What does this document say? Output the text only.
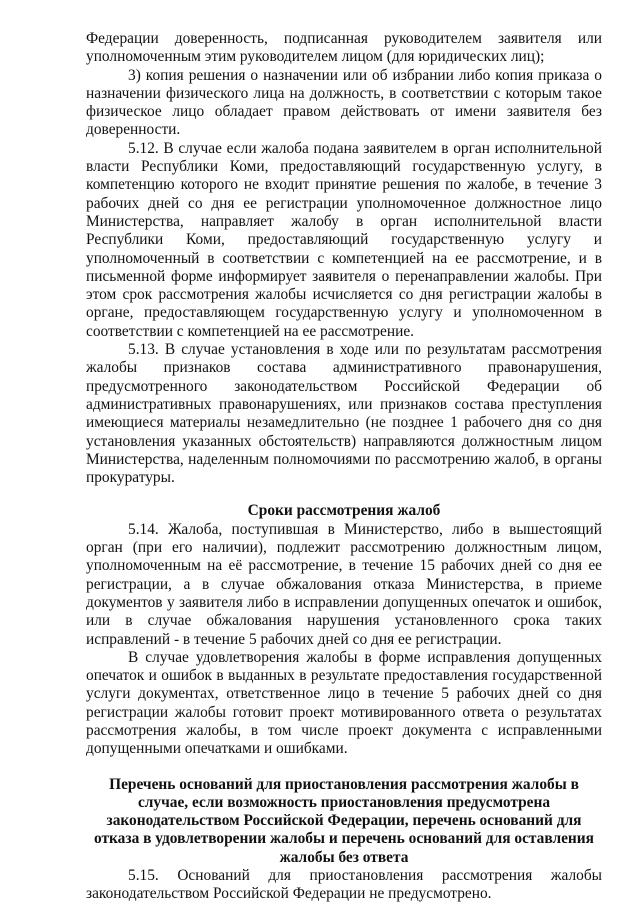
Федерации доверенность, подписанная руководителем заявителя или уполномоченным этим руководителем лицом (для юридических лиц);

3) копия решения о назначении или об избрании либо копия приказа о назначении физического лица на должность, в соответствии с которым такое физическое лицо обладает правом действовать от имени заявителя без доверенности.

5.12. В случае если жалоба подана заявителем в орган исполнительной власти Республики Коми, предоставляющий государственную услугу, в компетенцию которого не входит принятие решения по жалобе, в течение 3 рабочих дней со дня ее регистрации уполномоченное должностное лицо Министерства, направляет жалобу в орган исполнительной власти Республики Коми, предоставляющий государственную услугу и уполномоченный в соответствии с компетенцией на ее рассмотрение, и в письменной форме информирует заявителя о перенаправлении жалобы. При этом срок рассмотрения жалобы исчисляется со дня регистрации жалобы в органе, предоставляющем государственную услугу и уполномоченном в соответствии с компетенцией на ее рассмотрение.

5.13. В случае установления в ходе или по результатам рассмотрения жалобы признаков состава административного правонарушения, предусмотренного законодательством Российской Федерации об административных правонарушениях, или признаков состава преступления имеющиеся материалы незамедлительно (не позднее 1 рабочего дня со дня установления указанных обстоятельств) направляются должностным лицом Министерства, наделенным полномочиями по рассмотрению жалоб, в органы прокуратуры.

Сроки рассмотрения жалоб

5.14. Жалоба, поступившая в Министерство, либо в вышестоящий орган (при его наличии), подлежит рассмотрению должностным лицом, уполномоченным на её рассмотрение, в течение 15 рабочих дней со дня ее регистрации, а в случае обжалования отказа Министерства, в приеме документов у заявителя либо в исправлении допущенных опечаток и ошибок, или в случае обжалования нарушения установленного срока таких исправлений - в течение 5 рабочих дней со дня ее регистрации.

В случае удовлетворения жалобы в форме исправления допущенных опечаток и ошибок в выданных в результате предоставления государственной услуги документах, ответственное лицо в течение 5 рабочих дней со дня регистрации жалобы готовит проект мотивированного ответа о результатах рассмотрения жалобы, в том числе проект документа с исправленными допущенными опечатками и ошибками.

Перечень оснований для приостановления рассмотрения жалобы в случае, если возможность приостановления предусмотрена законодательством Российской Федерации, перечень оснований для отказа в удовлетворении жалобы и перечень оснований для оставления жалобы без ответа

5.15. Оснований для приостановления рассмотрения жалобы законодательством Российской Федерации не предусмотрено.
